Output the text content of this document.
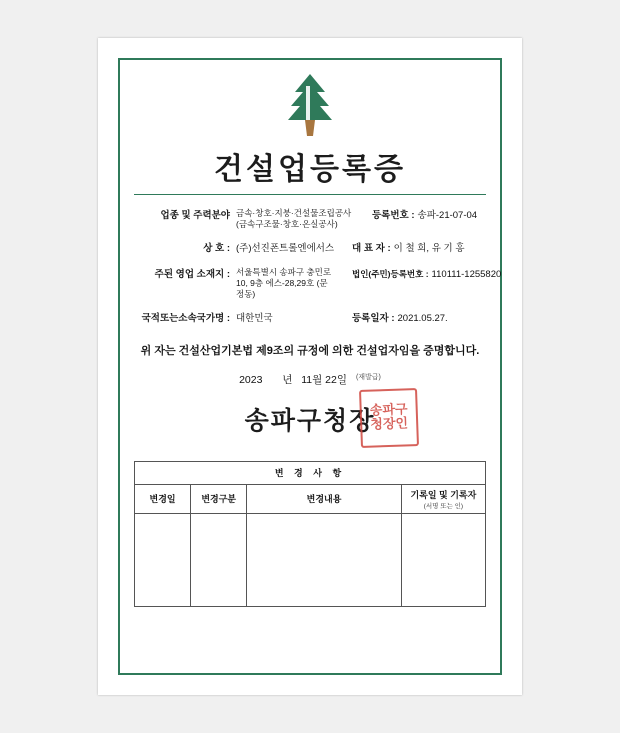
건설업등록증
업종 및 주력분야 금속·창호·지붕·건설물조립공사
(금속구조물·창호·온실공사)
등록번호 : 송파-21-07-04
상 호 : (주)선진폰트롤엔에서스	대 표 자 : 이 철 희, 유 기 홍
주된 영업 소재지 : 서울특별시 송파구 충민로
10, 9층 에스-28,29호 (문
정동)
법인(주민)등록번호 : 110111-1255820
국적또는소속국가명 : 대한민국	등록일자 : 2021.05.27.
위 자는 건설산업기본법 제9조의 규정에 의한 건설업자임을 증명합니다.
2023 년 11월 22일 $^{(재발급)}$
송파구청장
송파구청장인
변 경 사 항			
변경일	변경구분	변경내용	기록일 및 기록자
(서명 또는 인)
